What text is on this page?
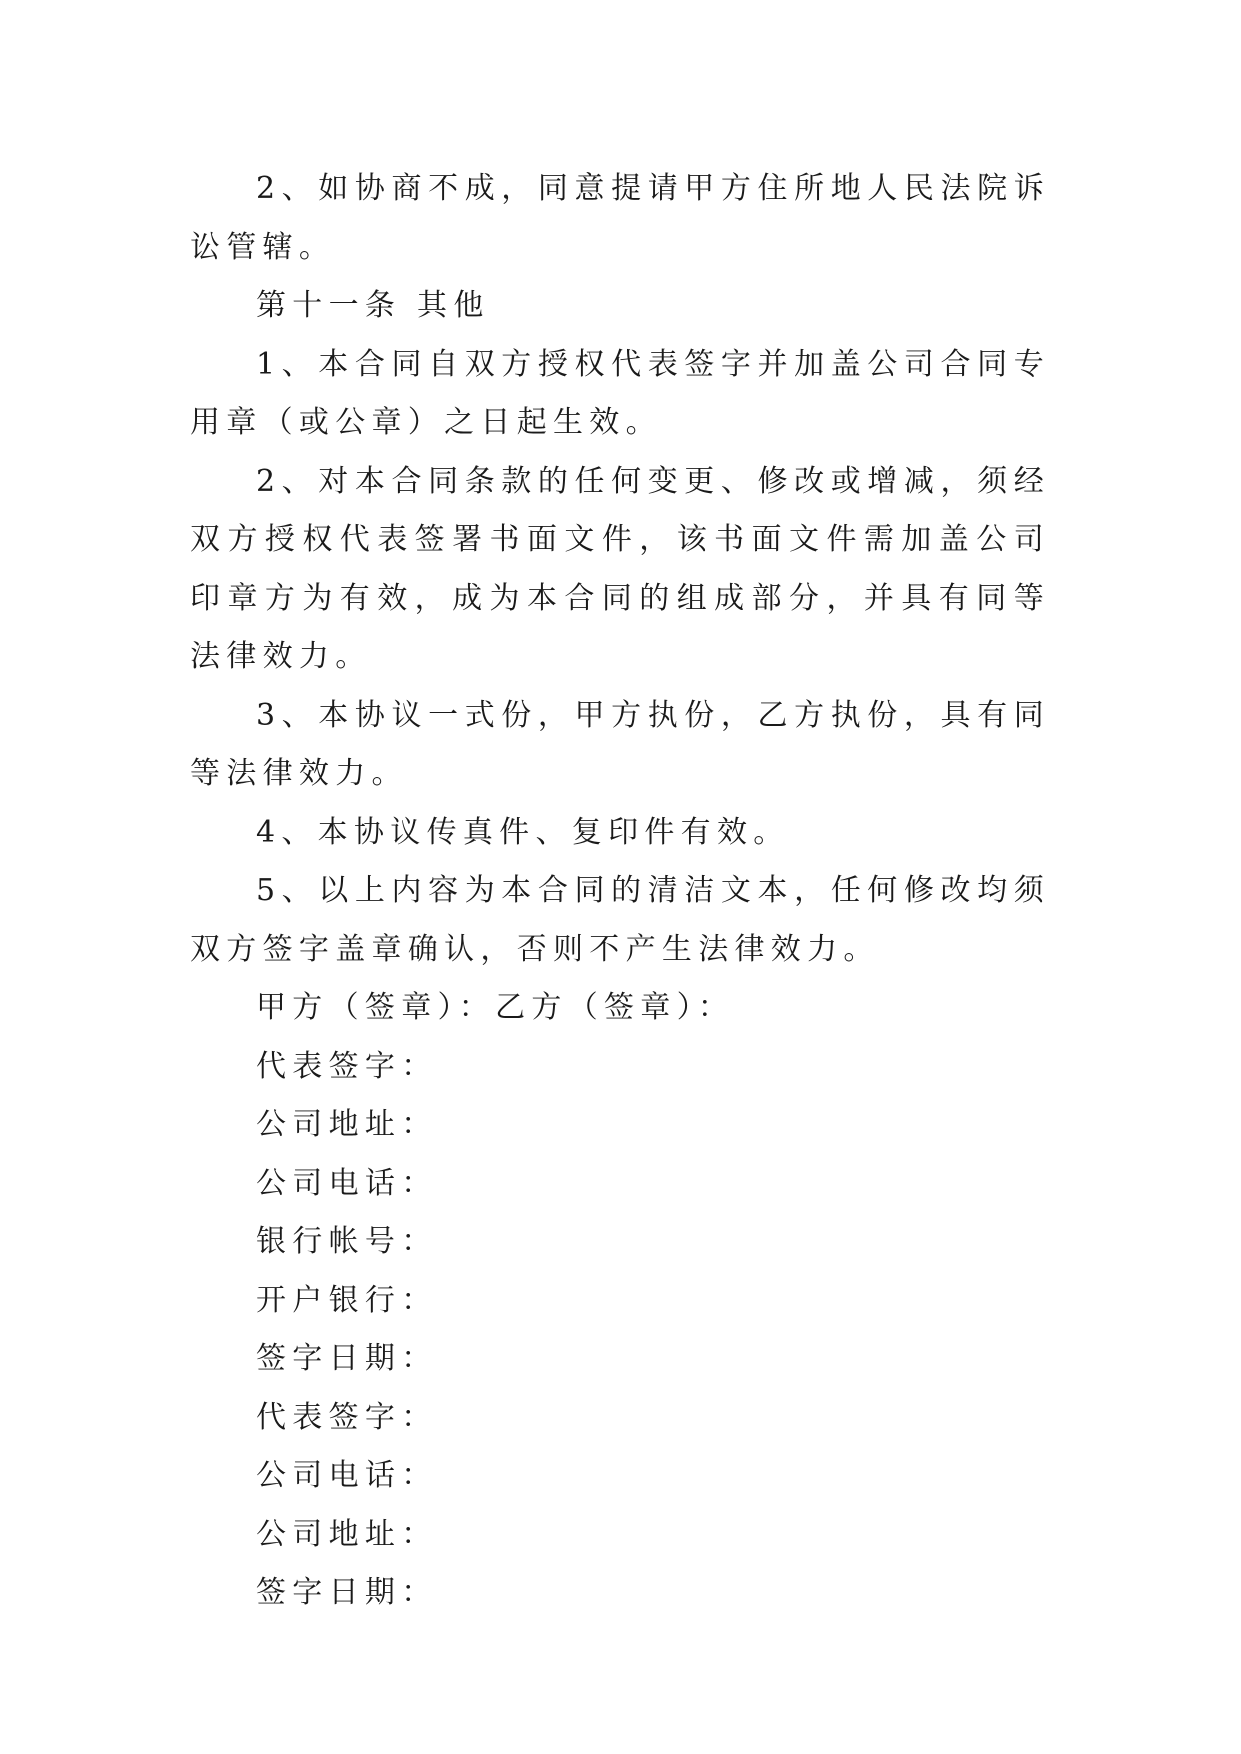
2、如协商不成，同意提请甲方住所地人民法院诉讼管辖。

第十一条 其他

1、本合同自双方授权代表签字并加盖公司合同专用章（或公章）之日起生效。

2、对本合同条款的任何变更、修改或增减，须经双方授权代表签署书面文件，该书面文件需加盖公司印章方为有效，成为本合同的组成部分，并具有同等法律效力。

3、本协议一式份，甲方执份，乙方执份，具有同等法律效力。

4、本协议传真件、复印件有效。

5、以上内容为本合同的清洁文本，任何修改均须双方签字盖章确认，否则不产生法律效力。

甲方（签章）：乙方（签章）：

代表签字：

公司地址：

公司电话：

银行帐号：

开户银行：

签字日期：

代表签字：

公司电话：

公司地址：

签字日期：
